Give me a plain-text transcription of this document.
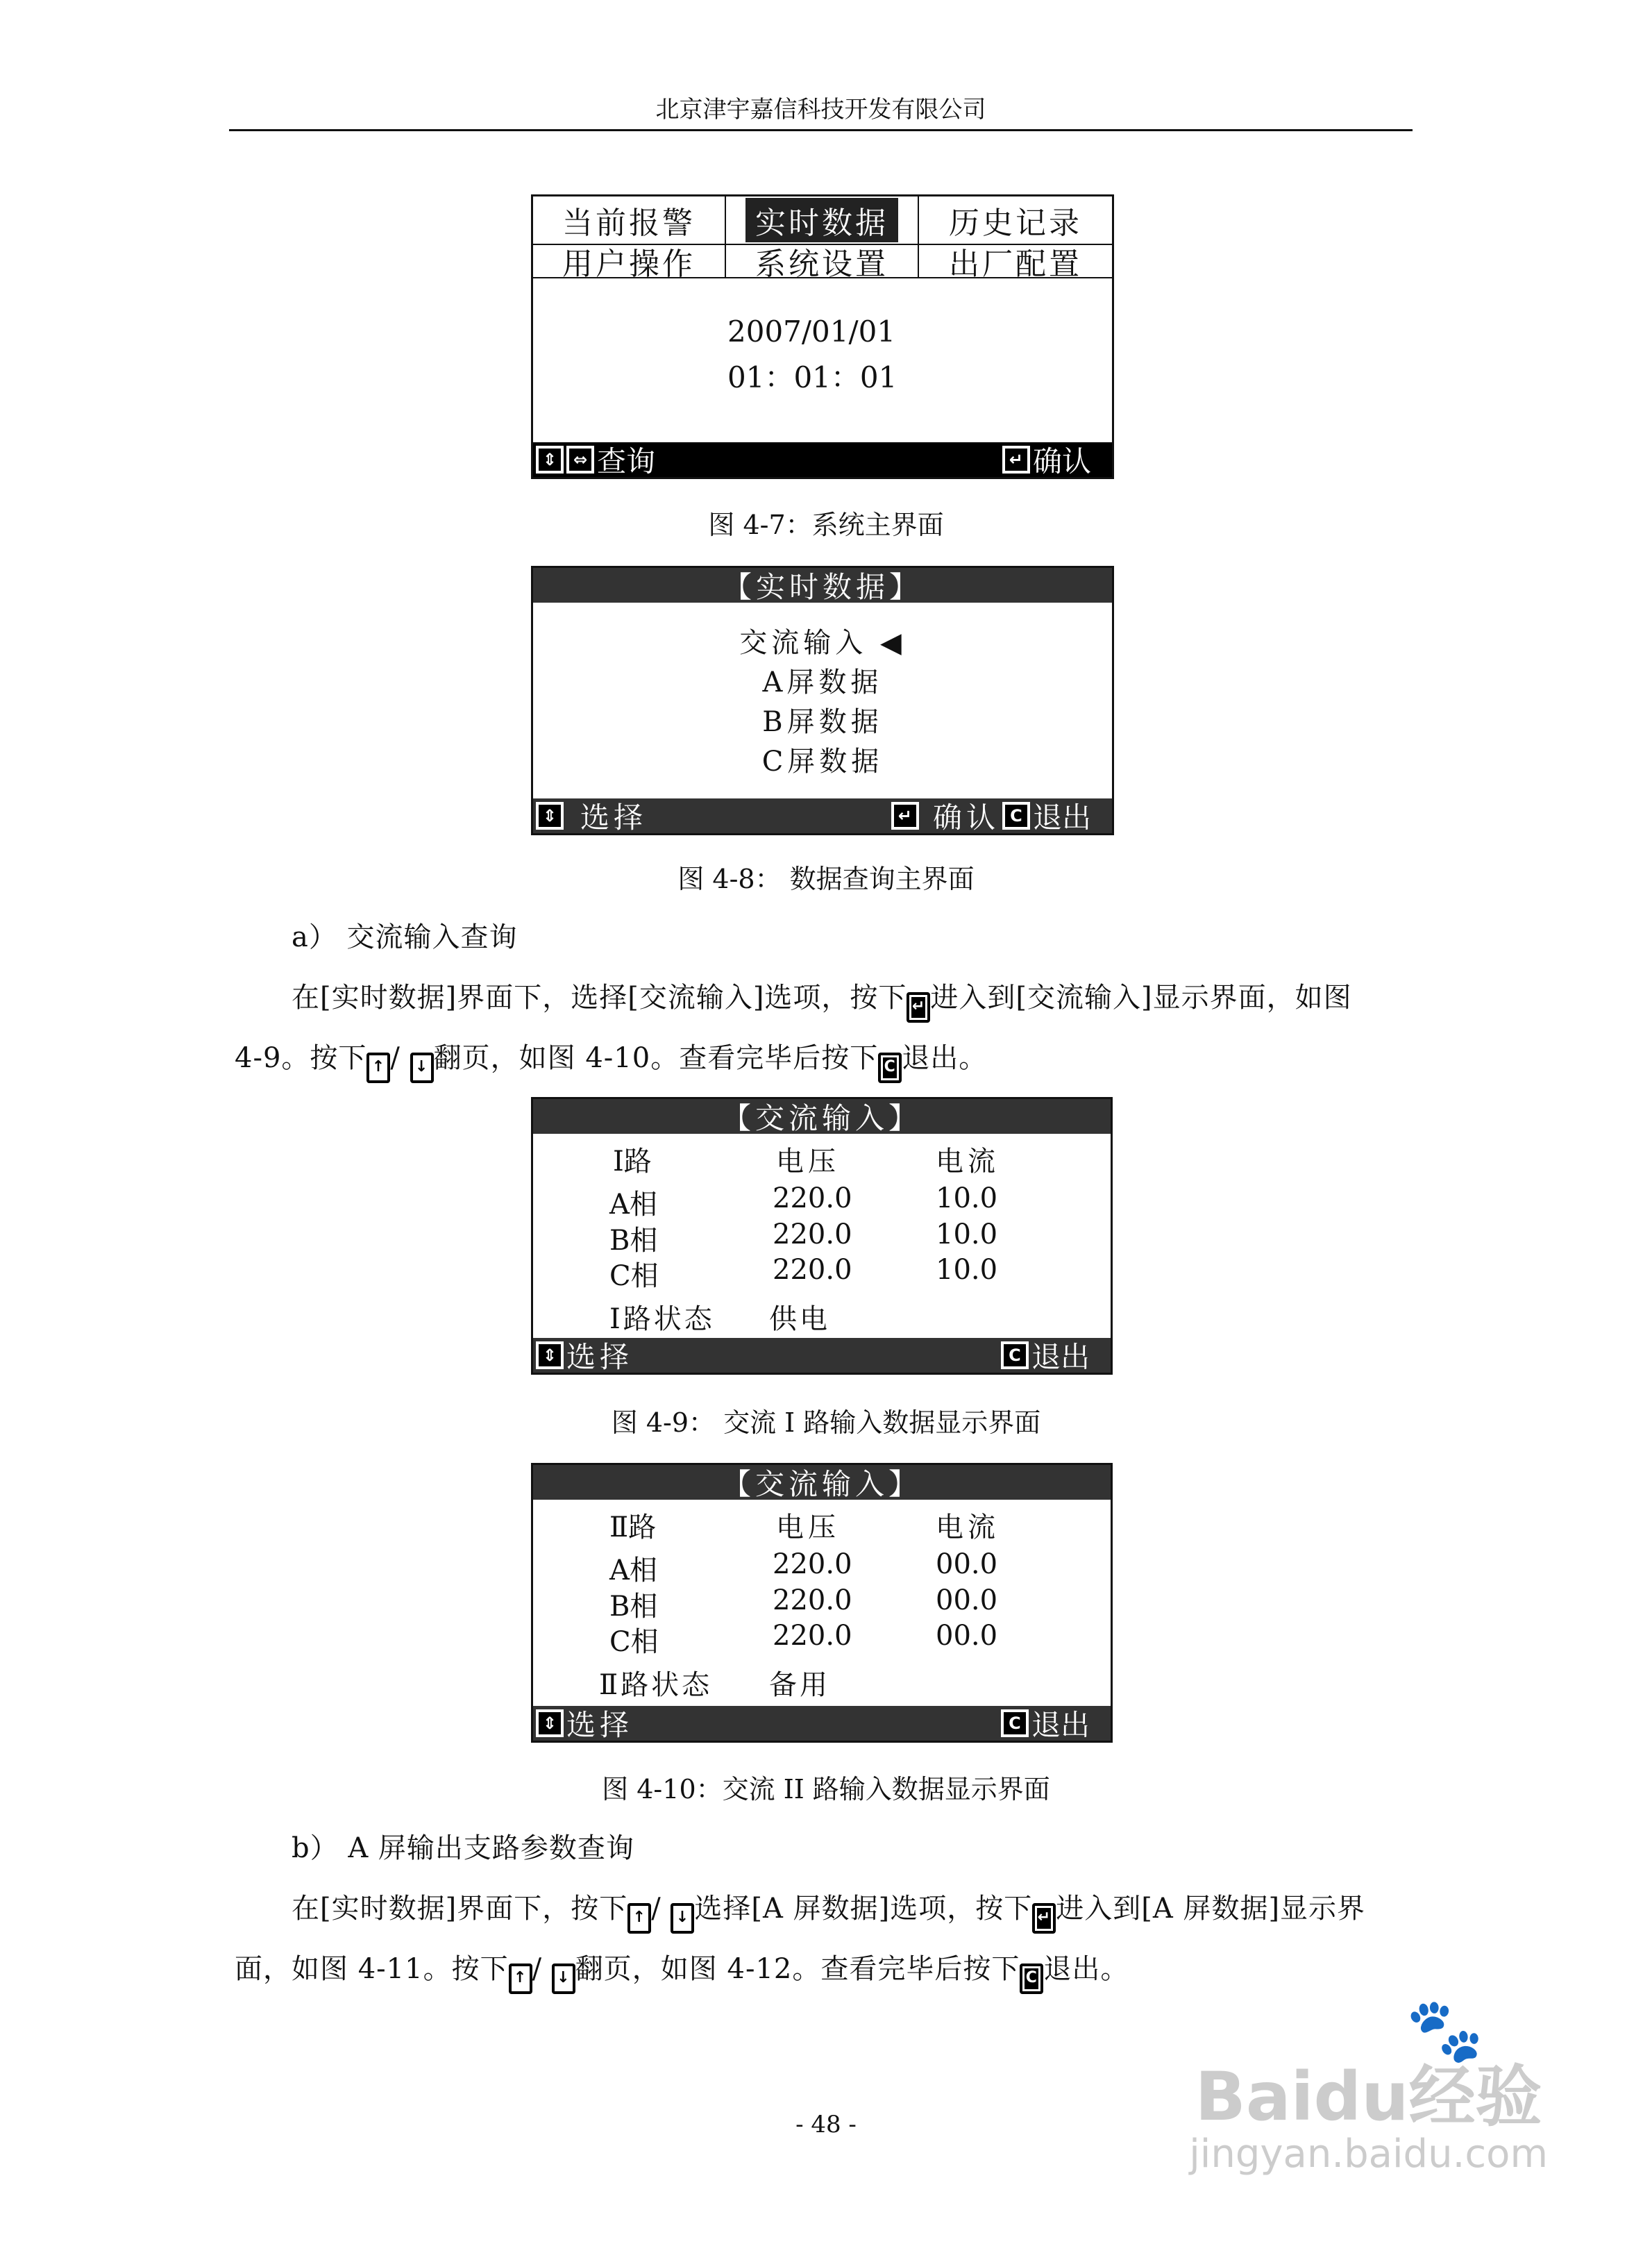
北京津宇嘉信科技开发有限公司
当前报警	实时数据	历史记录
用户操作 系统设置 出厂配置
2007/01/01
01：01：01
⇕ ⇔ 查询	↵ 确认
图 4-7：系统主界面
【实时数据】
交流输入 ◀
A屏数据
B屏数据
C屏数据
⇕ 选择	↵ 确认 C 退出
图 4-8： 数据查询主界面
a） 交流输入查询
在[实时数据]界面下，选择[交流输入]选项，按下 ↵ 进入到[交流输入]显示界面，如图
4-9。按下 ↑ / ↓ 翻页，如图 4-10。查看完毕后按下 C 退出。
【交流输入】
I路	电压	电流
A相	220.0	10.0
B相	220.0	10.0
C相	220.0	10.0
I路状态 供电
⇕ 选择	C 退出
图 4-9： 交流 I 路输入数据显示界面
【交流输入】
Ⅱ路	电压	电流
A相	220.0	00.0
B相	220.0	00.0
C相	220.0	00.0
Ⅱ路状态 备用
⇕ 选择	C 退出
图 4-10：交流 II 路输入数据显示界面
b） A 屏输出支路参数查询
在[实时数据]界面下，按下 ↑ / ↓ 选择[A 屏数据]选项，按下 ↵ 进入到[A 屏数据]显示界
面，如图 4-11。按下 ↑ / ↓ 翻页，如图 4-12。查看完毕后按下 C 退出。
- 48 -
🐾
Baidu经验
jingyan.baidu.com
